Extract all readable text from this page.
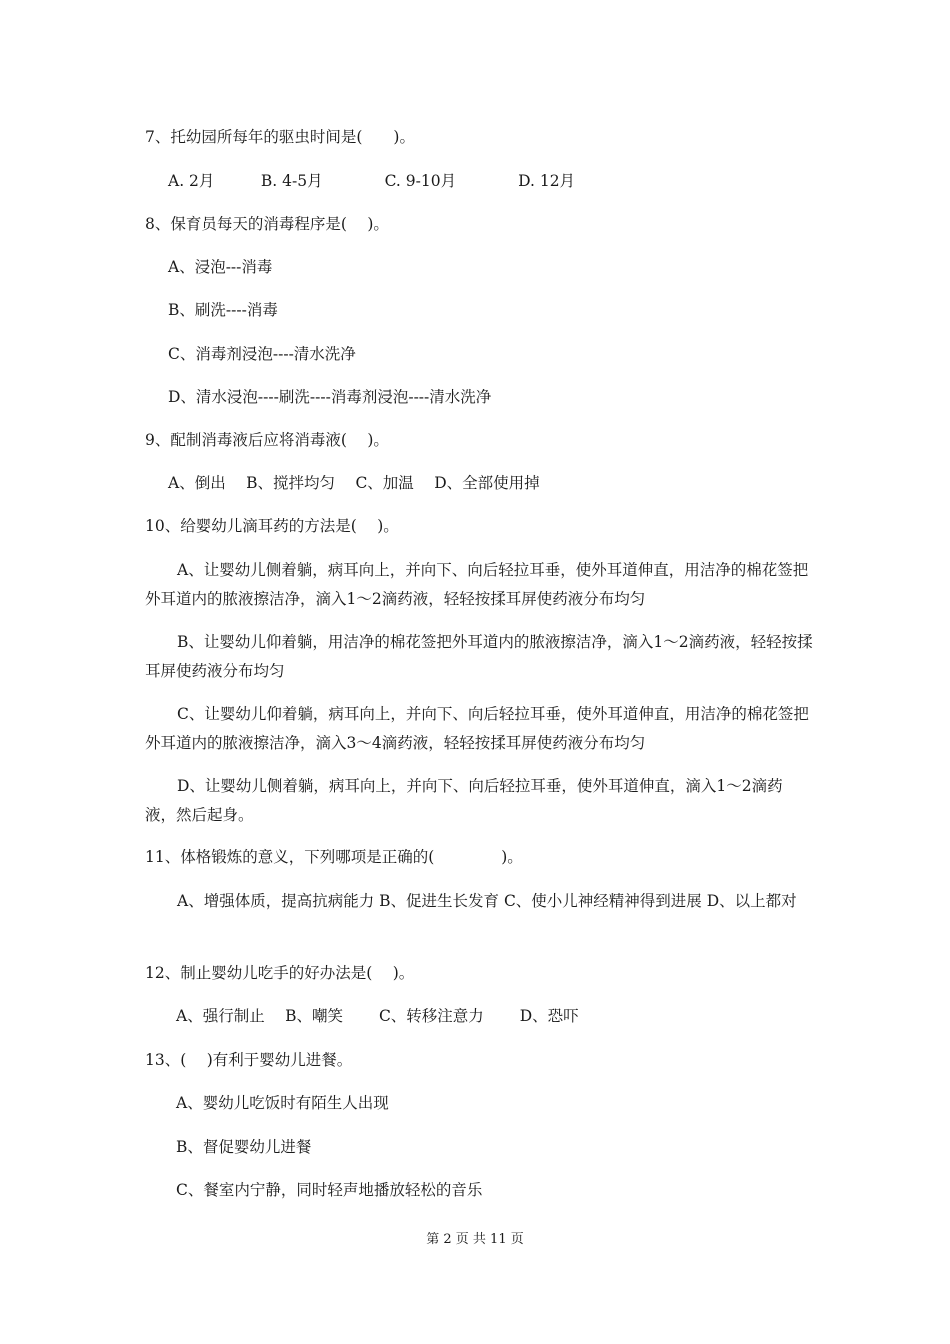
7、托幼园所每年的驱虫时间是(　　)。
A. 2月　　　B. 4-5月　　　　C. 9-10月　　　　D. 12月
8、保育员每天的消毒程序是(　 )。
A、浸泡---消毒
B、刷洗----消毒
C、消毒剂浸泡----清水洗净
D、清水浸泡----刷洗----消毒剂浸泡----清水洗净
9、配制消毒液后应将消毒液(　 )。
A、倒出　 B、搅拌均匀　 C、加温　 D、全部使用掉
10、给婴幼儿滴耳药的方法是(　 )。
A、让婴幼儿侧着躺，病耳向上，并向下、向后轻拉耳垂，使外耳道伸直，用洁净的棉花签把外耳道内的脓液擦洁净，滴入1～2滴药液，轻轻按揉耳屏使药液分布均匀
B、让婴幼儿仰着躺，用洁净的棉花签把外耳道内的脓液擦洁净，滴入1～2滴药液，轻轻按揉耳屏使药液分布均匀
C、让婴幼儿仰着躺，病耳向上，并向下、向后轻拉耳垂，使外耳道伸直，用洁净的棉花签把外耳道内的脓液擦洁净，滴入3～4滴药液，轻轻按揉耳屏使药液分布均匀
D、让婴幼儿侧着躺，病耳向上，并向下、向后轻拉耳垂，使外耳道伸直，滴入1～2滴药液，然后起身。
11、体格锻炼的意义，下列哪项是正确的(　　　　 )。
A、增强体质，提高抗病能力 B、促进生长发育 C、使小儿神经精神得到进展 D、以上都对
12、制止婴幼儿吃手的好办法是(　 )。
A、强行制止　 B、嘲笑　　 C、转移注意力　　 D、恐吓
13、(　 )有利于婴幼儿进餐。
A、婴幼儿吃饭时有陌生人出现
B、督促婴幼儿进餐
C、餐室内宁静，同时轻声地播放轻松的音乐
第 2 页 共 11 页
